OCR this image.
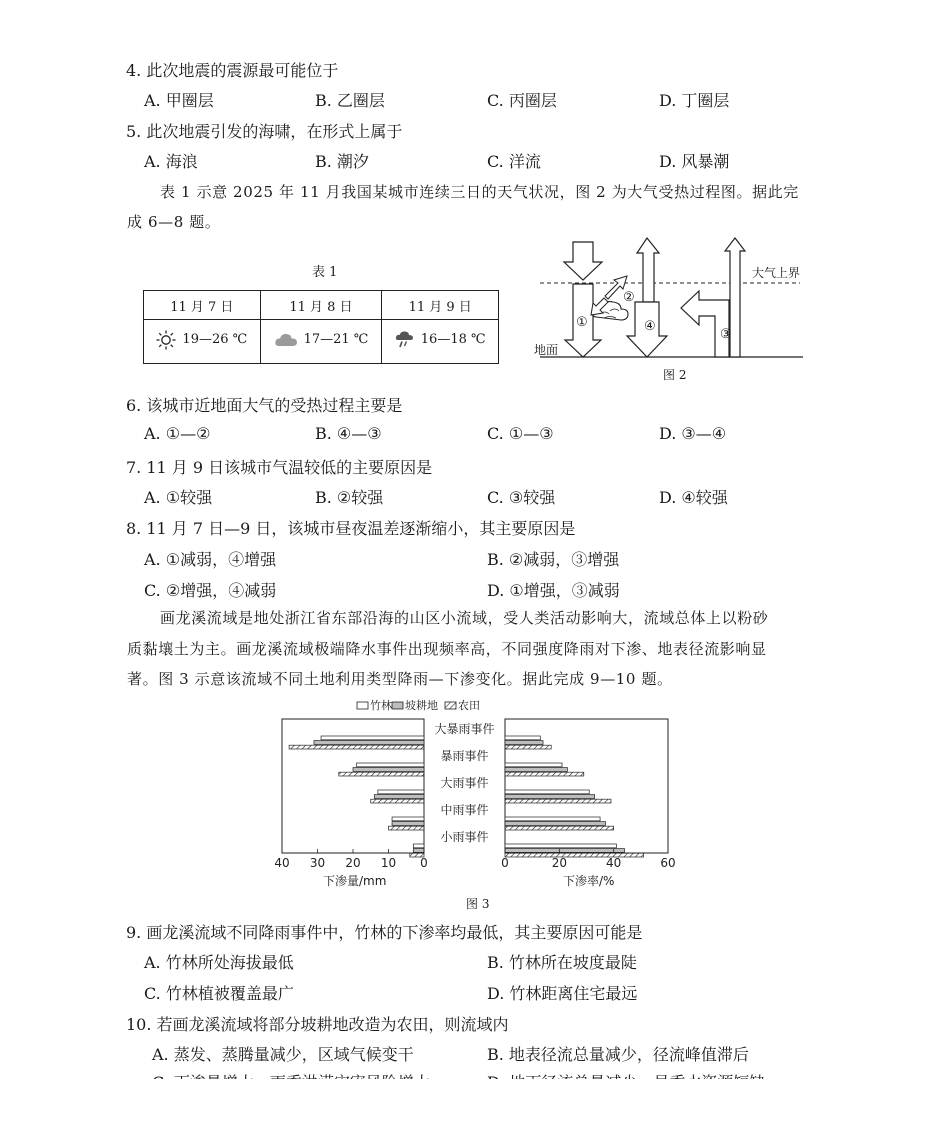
4. 此次地震的震源最可能位于
A. 甲圈层	B. 乙圈层	C. 丙圈层	D. 丁圈层
5. 此次地震引发的海啸，在形式上属于
A. 海浪	B. 潮汐	C. 洋流	D. 风暴潮
表 1 示意 2025 年 11 月我国某城市连续三日的天气状况，图 2 为大气受热过程图。据此完
成 6—8 题。
表 1
11 月 7 日	11 月 8 日	11 月 9 日

19—26 ℃	17—21 ℃	16—18 ℃
①
②
③
④
大气上界
地面
图 2
6. 该城市近地面大气的受热过程主要是
A. ①—②	B. ④—③	C. ①—③	D. ③—④
7. 11 月 9 日该城市气温较低的主要原因是
A. ①较强	B. ②较强	C. ③较强	D. ④较强
8. 11 月 7 日—9 日，该城市昼夜温差逐渐缩小，其主要原因是
A. ①减弱，④增强	B. ②减弱，③增强
C. ②增强，④减弱	D. ①增强，③减弱
画龙溪流域是地处浙江省东部沿海的山区小流域，受人类活动影响大，流域总体上以粉砂
质黏壤土为主。画龙溪流域极端降水事件出现频率高，不同强度降雨对下渗、地表径流影响显
著。图 3 示意该流域不同土地利用类型降雨—下渗变化。据此完成 9—10 题。
竹林 坡耕地 农田
大暴雨事件
暴雨事件
大雨事件
中雨事件
小雨事件
40 30 20 10 0	0	20	40	60
下渗量/mm	下渗率/%
图 3
9. 画龙溪流域不同降雨事件中，竹林的下渗率均最低，其主要原因可能是
A. 竹林所处海拔最低	B. 竹林所在坡度最陡
C. 竹林植被覆盖最广	D. 竹林距离住宅最远
10. 若画龙溪流域将部分坡耕地改造为农田，则流域内
A. 蒸发、蒸腾量减少，区域气候变干	B. 地表径流总量减少，径流峰值滞后
